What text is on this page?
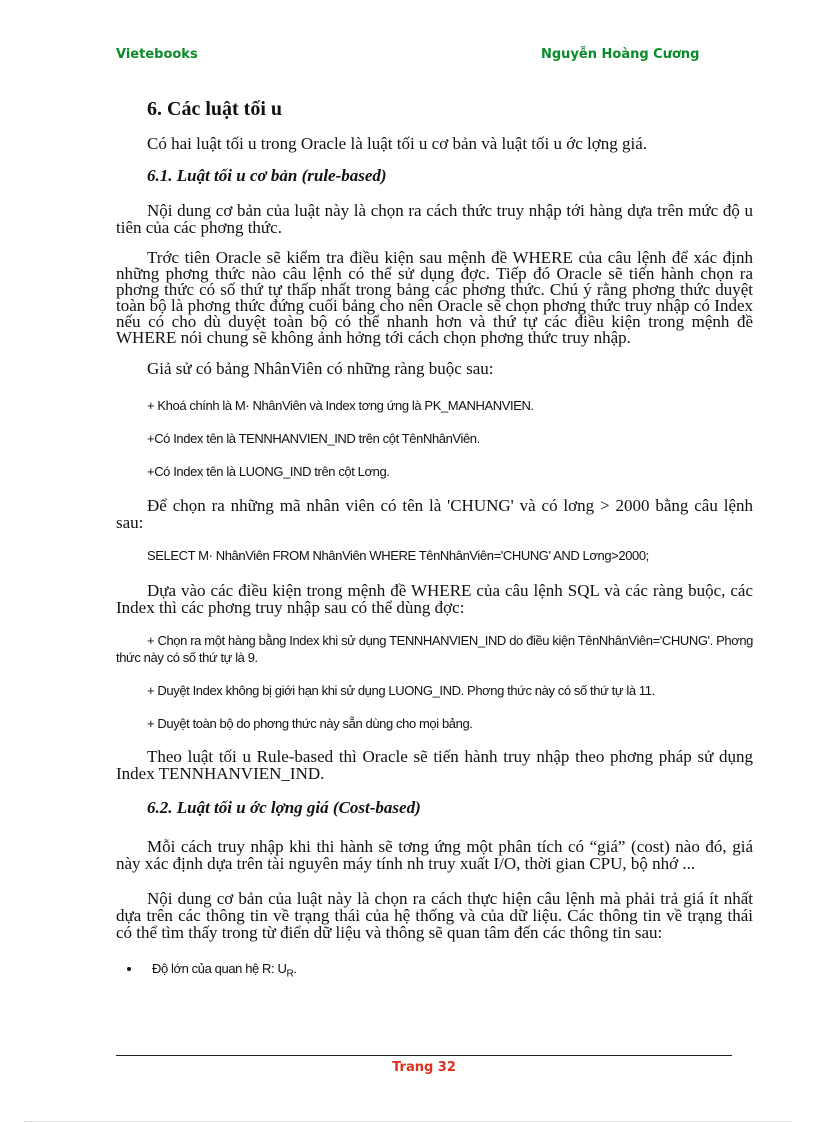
Vietebooks	Nguyễn Hoàng Cương
6. Các luật tối u

Có hai luật tối u trong Oracle là luật tối u cơ bản và luật tối u ớc lợng giá.

6.1. Luật tối u cơ bản (rule-based)

Nội dung cơ bản của luật này là chọn ra cách thức truy nhập tới hàng dựa trên mức độ u tiên của các phơng thức.

Trớc tiên Oracle sẽ kiểm tra điều kiện sau mệnh đề WHERE của câu lệnh để xác định những phơng thức nào câu lệnh có thể sử dụng đợc. Tiếp đó Oracle sẽ tiến hành chọn ra phơng thức có số thứ tự thấp nhất trong bảng các phơng thức. Chú ý rằng phơng thức duyệt toàn bộ là phơng thức đứng cuối bảng cho nên Oracle sẽ chọn phơng thức truy nhập có Index nếu có cho dù duyệt toàn bộ có thể nhanh hơn và thứ tự các điều kiện trong mệnh đề WHERE nói chung sẽ không ảnh hởng tới cách chọn phơng thức truy nhập.

Giả sử có bảng NhânViên có những ràng buộc sau:

+ Khoá chính là M· NhânViên và Index tơng ứng là PK_MANHANVIEN.

+Có Index tên là TENNHANVIEN_IND trên cột TênNhânViên.

+Có Index tên là LUONG_IND trên cột Lơng.

Để chọn ra những mã nhân viên có tên là 'CHUNG' và có lơng > 2000 bằng câu lệnh sau:

SELECT M· NhânViên FROM NhânViên WHERE TênNhânViên='CHUNG' AND Lơng>2000;

Dựa vào các điều kiện trong mệnh đề WHERE của câu lệnh SQL và các ràng buộc, các Index thì các phơng truy nhập sau có thể dùng đợc:

+ Chọn ra một hàng bằng Index khi sử dụng TENNHANVIEN_IND do điều kiện TênNhânViên='CHUNG'. Phơng thức này có số thứ tự là 9.

+ Duyệt Index không bị giới hạn khi sử dụng LUONG_IND. Phơng thức này có số thứ tự là 11.

+ Duyệt toàn bộ do phơng thức này sẵn dùng cho mọi bảng.

Theo luật tối u Rule-based thì Oracle sẽ tiến hành truy nhập theo phơng pháp sử dụng Index TENNHANVIEN_IND.

6.2. Luật tối u ớc lợng giá (Cost-based)

Mỗi cách truy nhập khi thi hành sẽ tơng ứng một phân tích có “giá” (cost) nào đó, giá này xác định dựa trên tài nguyên máy tính nh truy xuất I/O, thời gian CPU, bộ nhớ ...

Nội dung cơ bản của luật này là chọn ra cách thực hiện câu lệnh mà phải trả giá ít nhất dựa trên các thông tin về trạng thái của hệ thống và của dữ liệu. Các thông tin về trạng thái có thể tìm thấy trong từ điển dữ liệu và thông sẽ quan tâm đến các thông tin sau:

• Độ lớn của quan hệ R: $U_R$.
Trang 32
